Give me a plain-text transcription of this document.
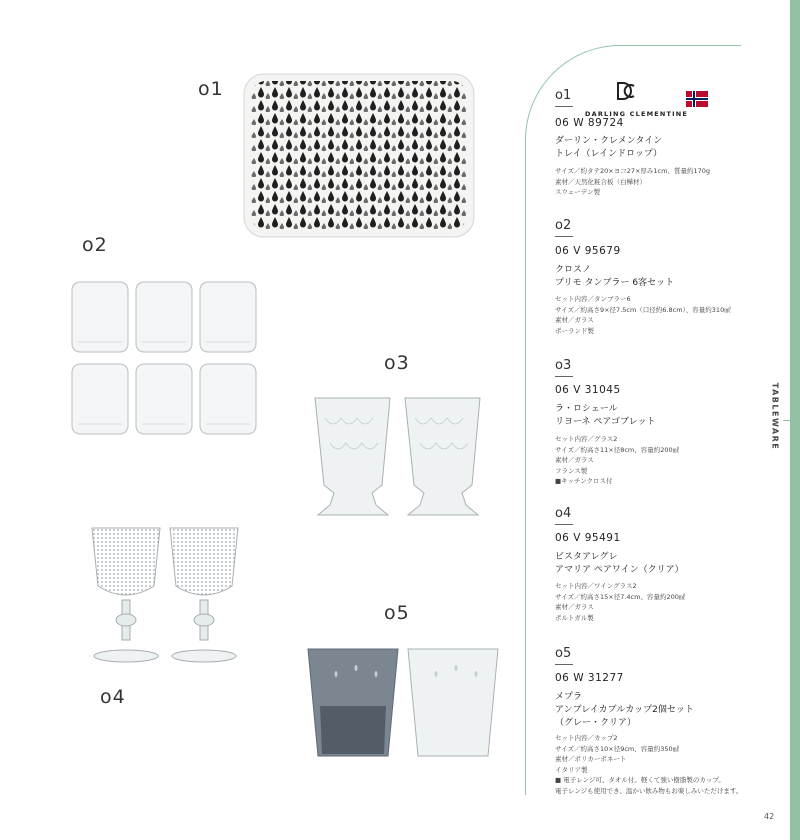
TABLEWARE
o1
o2
o3
o4
o5
DARLING CLEMENTINE
o1
06 W 89724
ダーリン・クレメンタイン
トレイ（レインドロップ）
サイズ／約タテ20×ヨコ27×厚み1cm、質量約170g
素材／天然化粧合板（白樺材）
スウェーデン製
o2
06 V 95679
クロスノ
プリモ タンブラー 6客セット
セット内容／タンブラー6
サイズ／約高さ9×径7.5cm（口径約6.8cm）、容量約310㎖
素材／ガラス
ポーランド製
o3
06 V 31045
ラ・ロシェール
リヨーネ ペアゴブレット
セット内容／グラス2
サイズ／約高さ11×径8cm、容量約200㎖
素材／ガラス
フランス製
■キッチンクロス付
o4
06 V 95491
ビスタアレグレ
アマリア ペアワイン（クリア）
セット内容／ワイングラス2
サイズ／約高さ15×径7.4cm、容量約200㎖
素材／ガラス
ポルトガル製
o5
06 W 31277
メプラ
アンブレイカブルカップ2個セット
（グレー・クリア）
セット内容／カップ2
サイズ／約高さ10×径9cm、容量約350㎖
素材／ポリカーボネート
イタリア製
■ 電子レンジ可、タオル付。軽くて強い樹脂製のカップ。
電子レンジも使用でき、温かい飲み物もお楽しみいただけます。
42
